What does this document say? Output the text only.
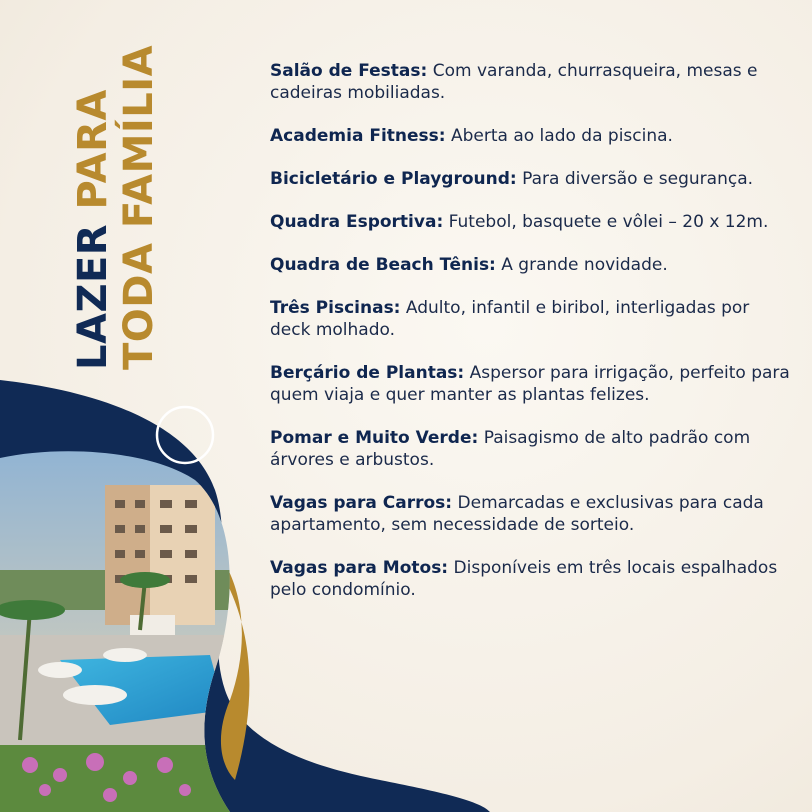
LAZER PARA TODA FAMÍLIA	Salão de Festas: Com varanda, churrasqueira, mesas e cadeiras mobiliadas.

Academia Fitness: Aberta ao lado da piscina.

Bicicletário e Playground: Para diversão e segurança.

Quadra Esportiva: Futebol, basquete e vôlei – 20 x 12m.

Quadra de Beach Tênis: A grande novidade.

Três Piscinas: Adulto, infantil e biribol, interligadas por deck molhado.

Berçário de Plantas: Aspersor para irrigação, perfeito para quem viaja e quer manter as plantas felizes.

Pomar e Muito Verde: Paisagismo de alto padrão com árvores e arbustos.

Vagas para Carros: Demarcadas e exclusivas para cada apartamento, sem necessidade de sorteio.

Vagas para Motos: Disponíveis em três locais espalhados pelo condomínio.
